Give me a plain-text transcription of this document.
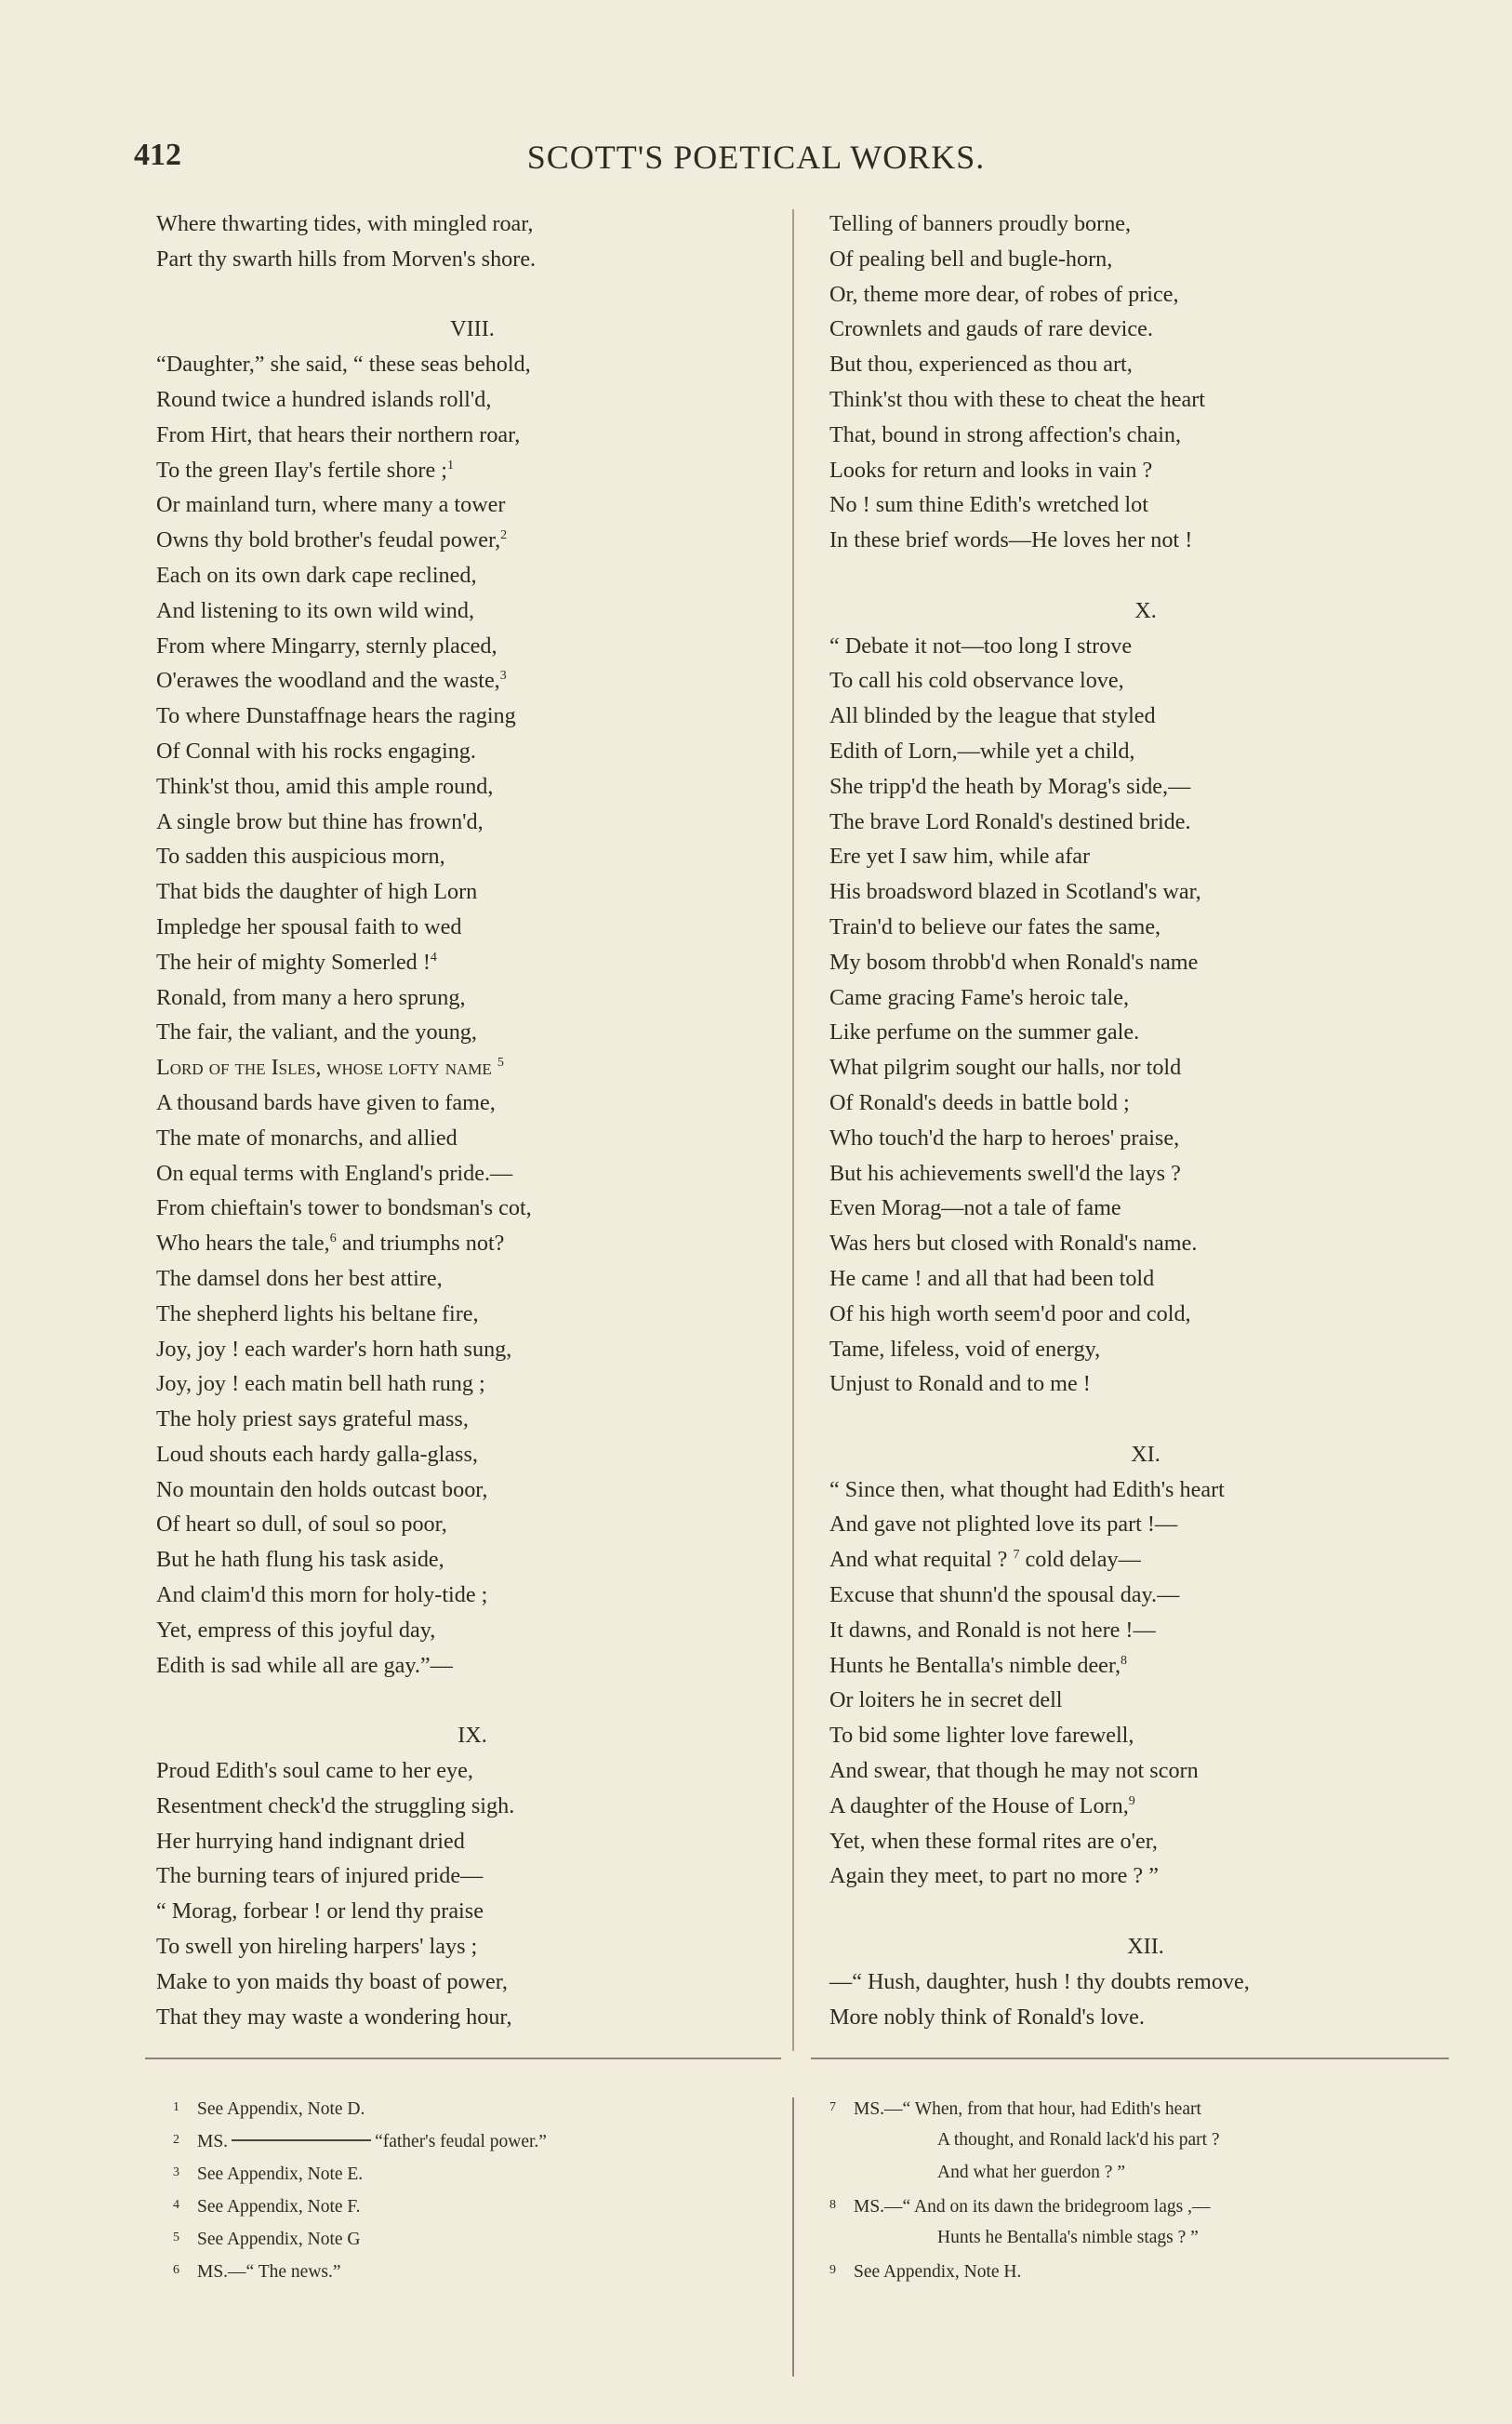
412	SCOTT'S POETICAL WORKS.
Where thwarting tides, with mingled roar,
Part thy swarth hills from Morven's shore.
VIII.
“Daughter,” she said, “ these seas behold,
Round twice a hundred islands roll'd,
From Hirt, that hears their northern roar,
To the green Ilay's fertile shore ;$^1$
Or mainland turn, where many a tower
Owns thy bold brother's feudal power,$^2$
Each on its own dark cape reclined,
And listening to its own wild wind,
From where Mingarry, sternly placed,
O'erawes the woodland and the waste,$^3$
To where Dunstaffnage hears the raging
Of Connal with his rocks engaging.
Think'st thou, amid this ample round,
A single brow but thine has frown'd,
To sadden this auspicious morn,
That bids the daughter of high Lorn
Impledge her spousal faith to wed
The heir of mighty Somerled !$^4$
Ronald, from many a hero sprung,
The fair, the valiant, and the young,
Lord of the Isles, whose lofty name $^5$
A thousand bards have given to fame,
The mate of monarchs, and allied
On equal terms with England's pride.—
From chieftain's tower to bondsman's cot,
Who hears the tale,$^6$ and triumphs not?
The damsel dons her best attire,
The shepherd lights his beltane fire,
Joy, joy ! each warder's horn hath sung,
Joy, joy ! each matin bell hath rung ;
The holy priest says grateful mass,
Loud shouts each hardy galla-glass,
No mountain den holds outcast boor,
Of heart so dull, of soul so poor,
But he hath flung his task aside,
And claim'd this morn for holy-tide ;
Yet, empress of this joyful day,
Edith is sad while all are gay.”—
IX.
Proud Edith's soul came to her eye,
Resentment check'd the struggling sigh.
Her hurrying hand indignant dried
The burning tears of injured pride—
“ Morag, forbear ! or lend thy praise
To swell yon hireling harpers' lays ;
Make to yon maids thy boast of power,
That they may waste a wondering hour,
Telling of banners proudly borne,
Of pealing bell and bugle-horn,
Or, theme more dear, of robes of price,
Crownlets and gauds of rare device.
But thou, experienced as thou art,
Think'st thou with these to cheat the heart
That, bound in strong affection's chain,
Looks for return and looks in vain ?
No ! sum thine Edith's wretched lot
In these brief words—He loves her not !
X.
“ Debate it not—too long I strove
To call his cold observance love,
All blinded by the league that styled
Edith of Lorn,—while yet a child,
She tripp'd the heath by Morag's side,—
The brave Lord Ronald's destined bride.
Ere yet I saw him, while afar
His broadsword blazed in Scotland's war,
Train'd to believe our fates the same,
My bosom throbb'd when Ronald's name
Came gracing Fame's heroic tale,
Like perfume on the summer gale.
What pilgrim sought our halls, nor told
Of Ronald's deeds in battle bold ;
Who touch'd the harp to heroes' praise,
But his achievements swell'd the lays ?
Even Morag—not a tale of fame
Was hers but closed with Ronald's name.
He came ! and all that had been told
Of his high worth seem'd poor and cold,
Tame, lifeless, void of energy,
Unjust to Ronald and to me !
XI.
“ Since then, what thought had Edith's heart
And gave not plighted love its part !—
And what requital ? $^7$ cold delay—
Excuse that shunn'd the spousal day.—
It dawns, and Ronald is not here !—
Hunts he Bentalla's nimble deer,$^8$
Or loiters he in secret dell
To bid some lighter love farewell,
And swear, that though he may not scorn
A daughter of the House of Lorn,$^9$
Yet, when these formal rites are o'er,
Again they meet, to part no more ? ”
XII.
—“ Hush, daughter, hush ! thy doubts remove,
More nobly think of Ronald's love.
1 See Appendix, Note D.
2 MS.	“father's feudal power.”
3 See Appendix, Note E.
4 See Appendix, Note F.
5 See Appendix, Note G
6 MS.—“ The news.”
7 MS.—“ When, from that hour, had Edith's heart
A thought, and Ronald lack'd his part ?
And what her guerdon ? ”
8 MS.—“ And on its dawn the bridegroom lags ,—
Hunts he Bentalla's nimble stags ? ”
9 See Appendix, Note H.
